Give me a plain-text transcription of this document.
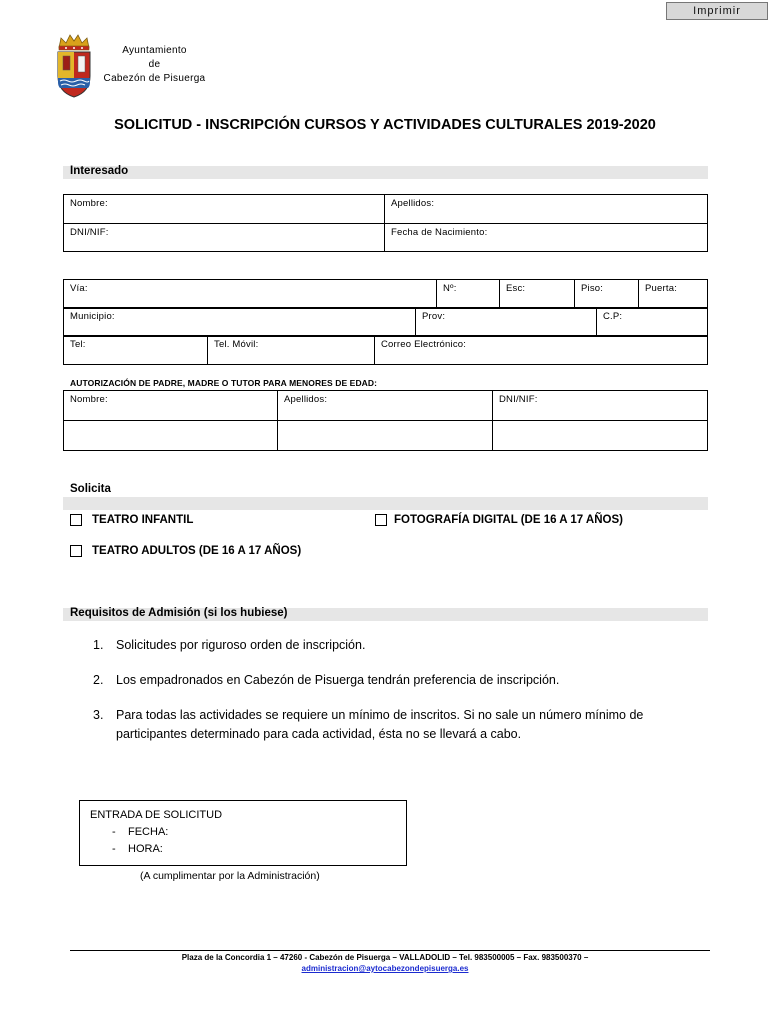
Imprimir
Ayuntamiento
de
Cabezón de Pisuerga
SOLICITUD - INSCRIPCIÓN CURSOS Y ACTIVIDADES CULTURALES 2019-2020
Interesado
Nombre:	Apellidos:
DNI/NIF:	Fecha de Nacimiento:
Vía:	Nº:	Esc:	Piso:	Puerta:
Municipio:	Prov:	C.P:
Tel:	Tel. Móvil:	Correo Electrónico:
AUTORIZACIÓN DE PADRE, MADRE O TUTOR PARA MENORES DE EDAD:
Nombre:	Apellidos:	DNI/NIF:

Solicita
TEATRO INFANTIL	FOTOGRAFÍA DIGITAL (DE 16 A 17 AÑOS)
TEATRO ADULTOS (DE 16 A 17 AÑOS)
Requisitos de Admisión (si los hubiese)
1.	Solicitudes por riguroso orden de inscripción.
2.	Los empadronados en Cabezón de Pisuerga tendrán preferencia de inscripción.
3.	Para todas las actividades se requiere un mínimo de inscritos. Si no sale un número mínimo de participantes determinado para cada actividad, ésta no se llevará a cabo.
ENTRADA DE SOLICITUD
-	FECHA:
-	HORA:
(A cumplimentar por la Administración)
Plaza de la Concordia 1 – 47260 - Cabezón de Pisuerga – VALLADOLID – Tel. 983500005 – Fax. 983500370 –
administracion@aytocabezondepisuerga.es
